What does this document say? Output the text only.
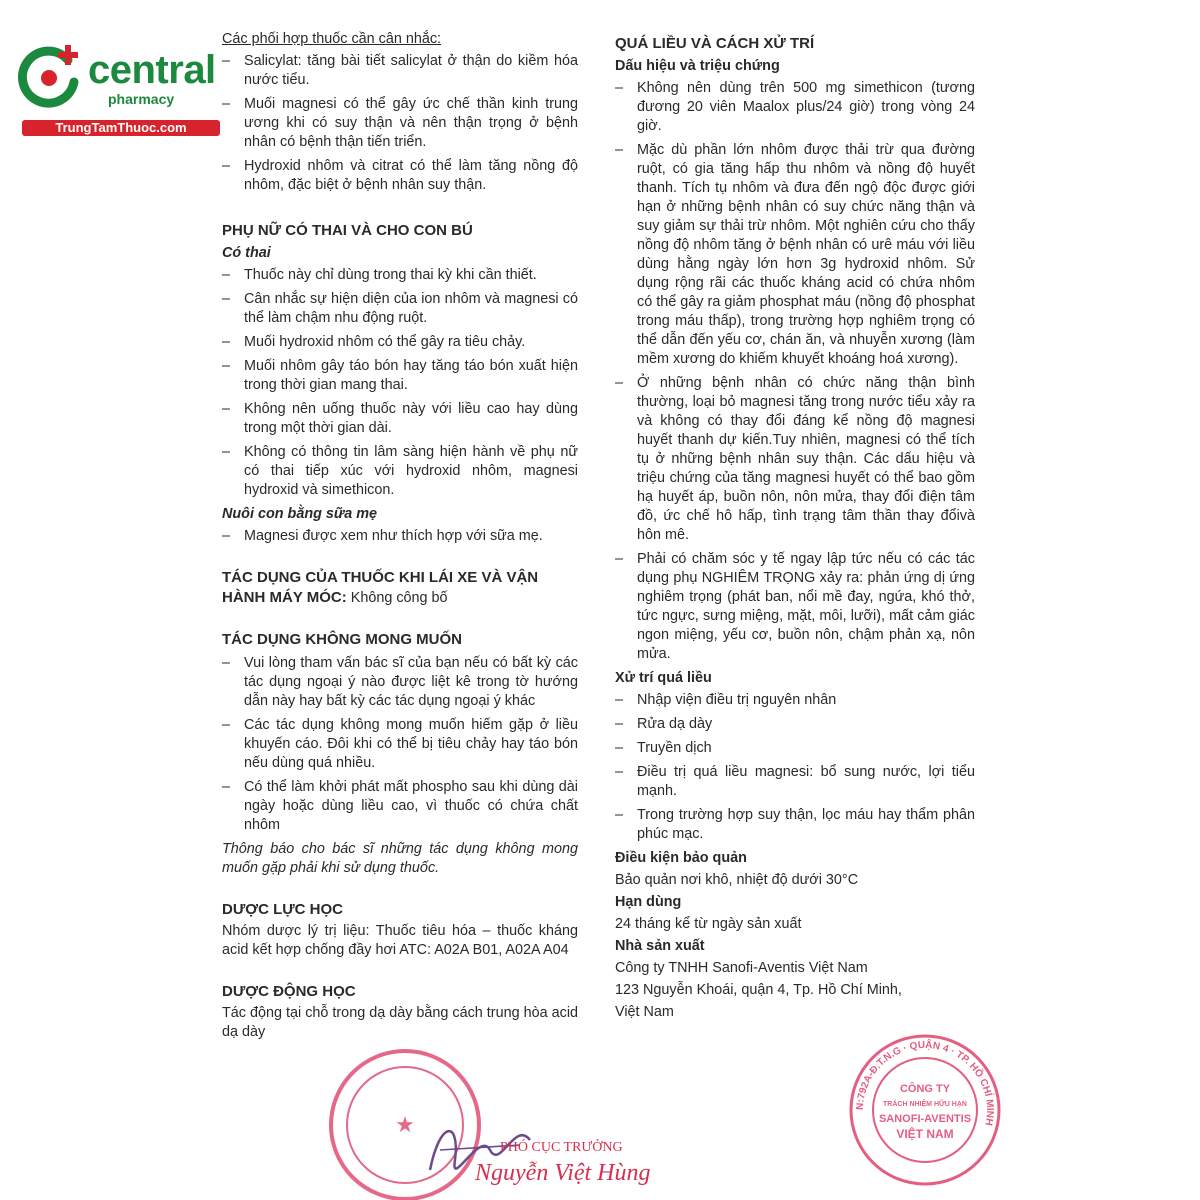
central
pharmacy
TrungTamThuoc.com

Các phối hợp thuốc cần cân nhắc:

– Salicylat: tăng bài tiết salicylat ở thận do kiềm hóa nước tiểu.
– Muối magnesi có thể gây ức chế thần kinh trung ương khi có suy thận và nên thận trọng ở bệnh nhân có bệnh thận tiến triển.
– Hydroxid nhôm và citrat có thể làm tăng nồng độ nhôm, đặc biệt ở bệnh nhân suy thận.

PHỤ NỮ CÓ THAI VÀ CHO CON BÚ

Có thai

– Thuốc này chỉ dùng trong thai kỳ khi cần thiết.
– Cân nhắc sự hiện diện của ion nhôm và magnesi có thể làm chậm nhu động ruột.
– Muối hydroxid nhôm có thể gây ra tiêu chảy.
– Muối nhôm gây táo bón hay tăng táo bón xuất hiện trong thời gian mang thai.
– Không nên uống thuốc này với liều cao hay dùng trong một thời gian dài.
– Không có thông tin lâm sàng hiện hành về phụ nữ có thai tiếp xúc với hydroxid nhôm, magnesi hydroxid và simethicon.

Nuôi con bằng sữa mẹ

– Magnesi được xem như thích hợp với sữa mẹ.

TÁC DỤNG CỦA THUỐC KHI LÁI XE VÀ VẬN HÀNH MÁY MÓC: Không công bố

TÁC DỤNG KHÔNG MONG MUỐN

– Vui lòng tham vấn bác sĩ của bạn nếu có bất kỳ các tác dụng ngoại ý nào được liệt kê trong tờ hướng dẫn này hay bất kỳ các tác dụng ngoại ý khác
– Các tác dụng không mong muốn hiếm gặp ở liều khuyến cáo. Đôi khi có thể bị tiêu chảy hay táo bón nếu dùng quá nhiều.
– Có thể làm khởi phát mất phospho sau khi dùng dài ngày hoặc dùng liều cao, vì thuốc có chứa chất nhôm

Thông báo cho bác sĩ những tác dụng không mong muốn gặp phải khi sử dụng thuốc.

DƯỢC LỰC HỌC

Nhóm dược lý trị liệu: Thuốc tiêu hóa – thuốc kháng acid kết hợp chống đầy hơi ATC: A02A B01, A02A A04

DƯỢC ĐỘNG HỌC

Tác động tại chỗ trong dạ dày bằng cách trung hòa acid dạ dày

QUÁ LIỀU VÀ CÁCH XỬ TRÍ

Dấu hiệu và triệu chứng

– Không nên dùng trên 500 mg simethicon (tương đương 20 viên Maalox plus/24 giờ) trong vòng 24 giờ.
– Mặc dù phần lớn nhôm được thải trừ qua đường ruột, có gia tăng hấp thu nhôm và nồng độ huyết thanh. Tích tụ nhôm và đưa đến ngộ độc được giới hạn ở những bệnh nhân có suy chức năng thận và suy giảm sự thải trừ nhôm. Một nghiên cứu cho thấy nồng độ nhôm tăng ở bệnh nhân có urê máu với liều dùng hằng ngày lớn hơn 3g hydroxid nhôm. Sử dụng rộng rãi các thuốc kháng acid có chứa nhôm có thể gây ra giảm phosphat máu (nồng độ phosphat trong máu thấp), trong trường hợp nghiêm trọng có thể dẫn đến yếu cơ, chán ăn, và nhuyễn xương (làm mềm xương do khiếm khuyết khoáng hoá xương).
– Ở những bệnh nhân có chức năng thận bình thường, loại bỏ magnesi tăng trong nước tiểu xảy ra và không có thay đổi đáng kể nồng độ magnesi huyết thanh dự kiến.Tuy nhiên, magnesi có thể tích tụ ở những bệnh nhân suy thận. Các dấu hiệu và triệu chứng của tăng magnesi huyết có thể bao gồm hạ huyết áp, buồn nôn, nôn mửa, thay đổi điện tâm đồ, ức chế hô hấp, tình trạng tâm thần thay đổivà hôn mê.
– Phải có chăm sóc y tế ngay lập tức nếu có các tác dụng phụ NGHIÊM TRỌNG xảy ra: phản ứng dị ứng nghiêm trọng (phát ban, nổi mề đay, ngứa, khó thở, tức ngực, sưng miệng, mặt, môi, lưỡi), mất cảm giác ngon miệng, yếu cơ, buồn nôn, chậm phản xạ, nôn mửa.

Xử trí quá liều

– Nhập viện điều trị nguyên nhân
– Rửa dạ dày
– Truyền dịch
– Điều trị quá liều magnesi: bổ sung nước, lợi tiểu mạnh.
– Trong trường hợp suy thận, lọc máu hay thẩm phân phúc mạc.

Điều kiện bảo quản

Bảo quản nơi khô, nhiệt độ dưới 30°C

Hạn dùng

24 tháng kể từ ngày sản xuất

Nhà sản xuất

Công ty TNHH Sanofi-Aventis Việt Nam

123 Nguyễn Khoái, quận 4, Tp. Hồ Chí Minh,

Việt Nam

★
PHÓ CỤC TRƯỞNG
Nguyễn Việt Hùng
N:792A-Đ.T.N.G · QUẬN 4 · TP. HỒ CHÍ MINH
CÔNG TY
TRÁCH NHIỆM HỮU HẠN
SANOFI-AVENTIS
VIỆT NAM
